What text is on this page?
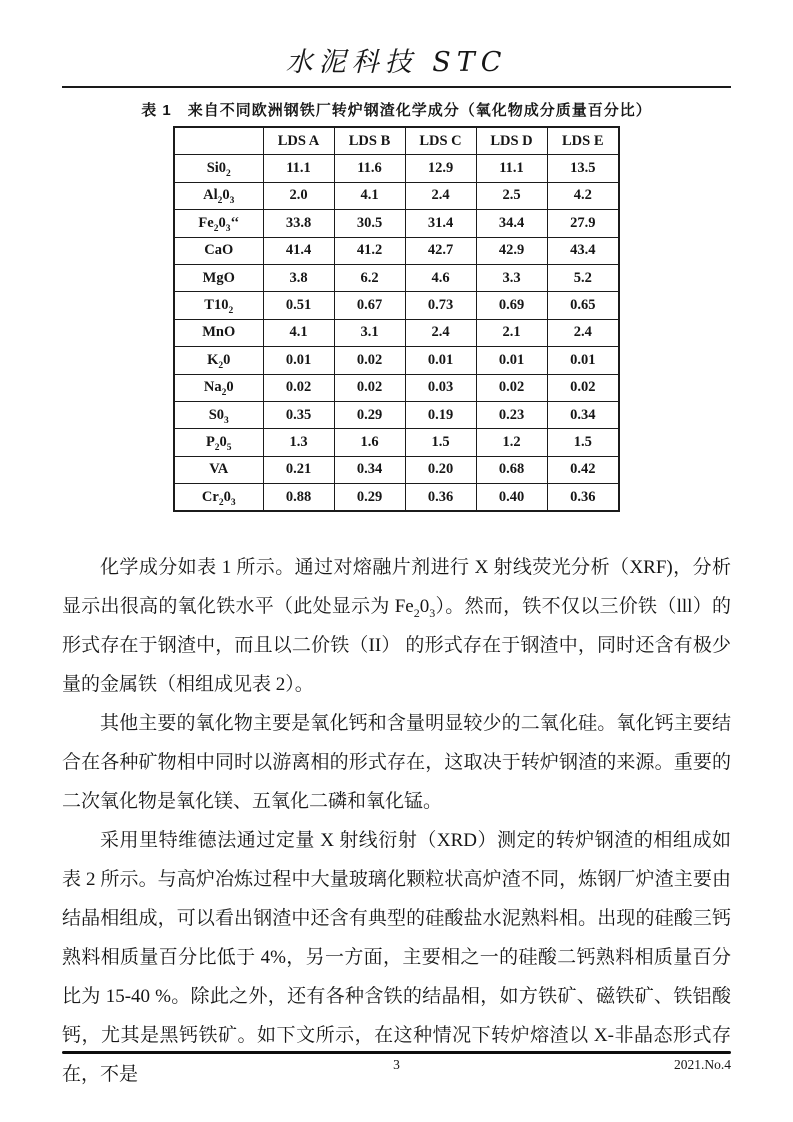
水泥科技 STC
表 1　来自不同欧洲钢铁厂转炉钢渣化学成分（氧化物成分质量百分比）
	LDS A	LDS B	LDS C	LDS D	LDS E
$Si0_2$	11.1	11.6	12.9	11.1	13.5
$Al_20_3$	2.0	4.1	2.4	2.5	4.2
$Fe_20_3‘‘$	33.8	30.5	31.4	34.4	27.9
CaO	41.4	41.2	42.7	42.9	43.4
MgO	3.8	6.2	4.6	3.3	5.2
$T10_2$	0.51	0.67	0.73	0.69	0.65
MnO	4.1	3.1	2.4	2.1	2.4
$K_20$	0.01	0.02	0.01	0.01	0.01
$Na_20$	0.02	0.02	0.03	0.02	0.02
$S0_3$	0.35	0.29	0.19	0.23	0.34
$P_20_5$	1.3	1.6	1.5	1.2	1.5
VA	0.21	0.34	0.20	0.68	0.42
$Cr_20_3$	0.88	0.29	0.36	0.40	0.36

化学成分如表 1 所示。通过对熔融片剂进行 X 射线荧光分析（XRF)，分析显示出很高的氧化铁水平（此处显示为 $Fe_20_3$）。然而，铁不仅以三价铁（lll）的形式存在于钢渣中，而且以二价铁（II） 的形式存在于钢渣中，同时还含有极少量的金属铁（相组成见表 2）。

其他主要的氧化物主要是氧化钙和含量明显较少的二氧化硅。氧化钙主要结合在各种矿物相中同时以游离相的形式存在，这取决于转炉钢渣的来源。重要的二次氧化物是氧化镁、五氧化二磷和氧化锰。

采用里特维德法通过定量 X 射线衍射（XRD）测定的转炉钢渣的相组成如表 2 所示。与高炉冶炼过程中大量玻璃化颗粒状高炉渣不同，炼钢厂炉渣主要由结晶相组成，可以看出钢渣中还含有典型的硅酸盐水泥熟料相。出现的硅酸三钙熟料相质量百分比低于 4%，另一方面，主要相之一的硅酸二钙熟料相质量百分比为 15-40 %。除此之外，还有各种含铁的结晶相，如方铁矿、磁铁矿、铁铝酸钙，尤其是黑钙铁矿。如下文所示，在这种情况下转炉熔渣以 X-非晶态形式存在，不是	3	2021.No.4
